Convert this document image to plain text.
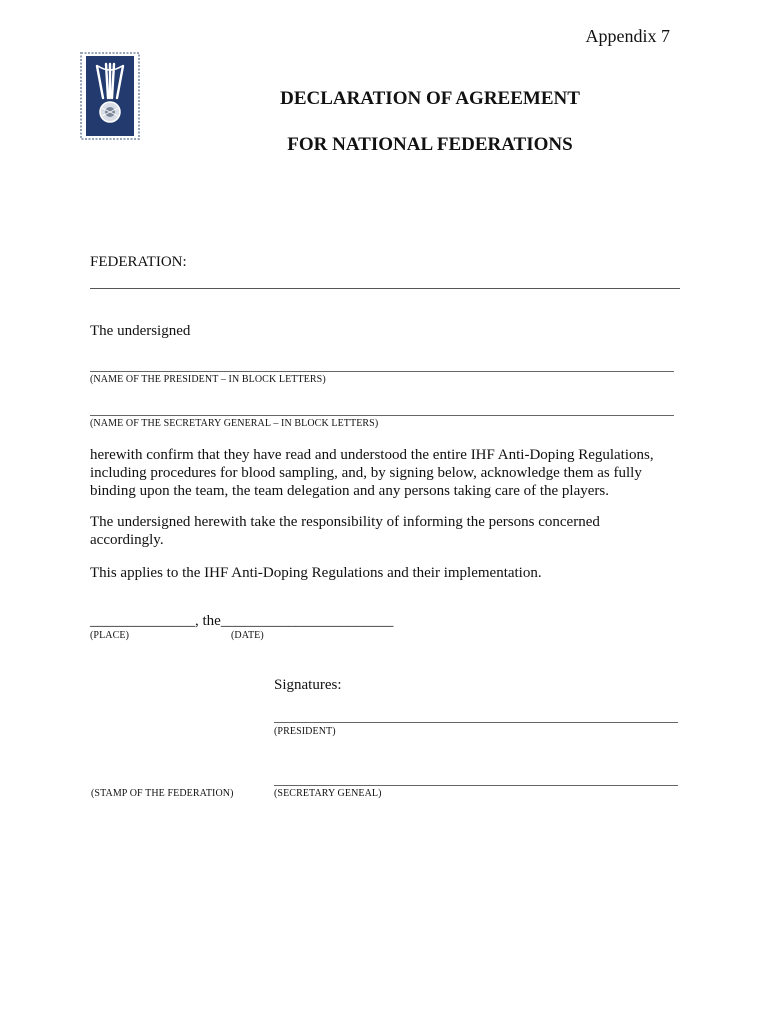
Appendix 7
DECLARATION OF AGREEMENT
FOR NATIONAL FEDERATIONS
FEDERATION:
The undersigned
(NAME OF THE PRESIDENT – IN BLOCK LETTERS)
(NAME OF THE SECRETARY GENERAL – IN BLOCK LETTERS)
herewith confirm that they have read and understood the entire IHF Anti-Doping Regulations, including procedures for blood sampling, and, by signing below, acknowledge them as fully binding upon the team, the team delegation and any persons taking care of the players.
The undersigned herewith take the responsibility of informing the persons concerned accordingly.
This applies to the IHF Anti-Doping Regulations and their implementation.
______________, the_______________________
(PLACE)	(DATE)
Signatures:
(PRESIDENT)
(STAMP OF THE FEDERATION)	(SECRETARY GENEAL)
